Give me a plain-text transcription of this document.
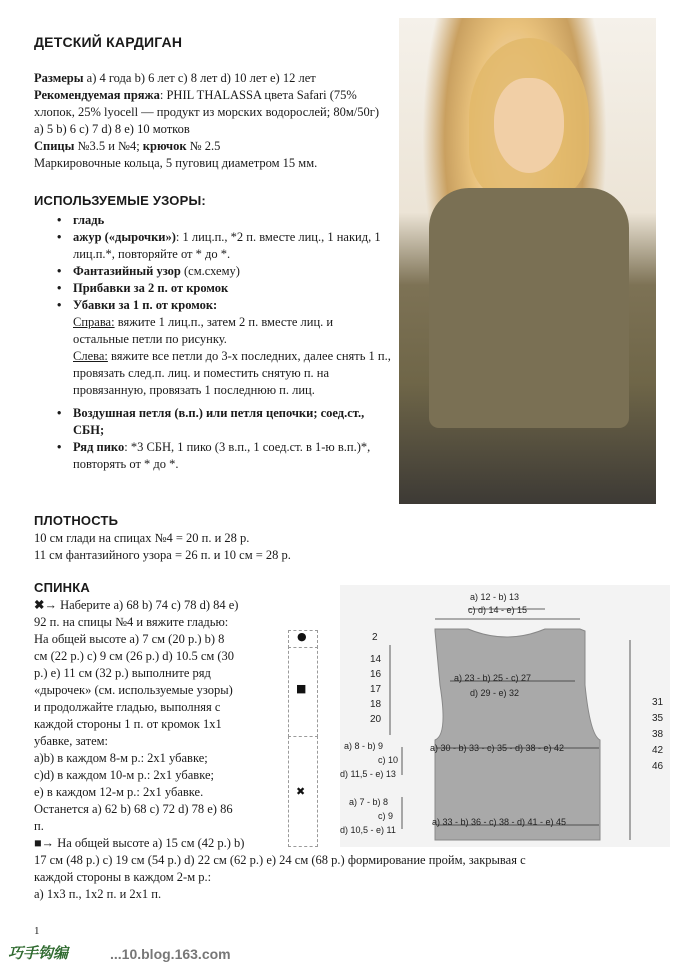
ДЕТСКИЙ КАРДИГАН
Размеры а) 4 года b) 6 лет с) 8 лет d) 10 лет е) 12 лет
Рекомендуемая пряжа: PHIL THALASSA цвета Safari (75% хлопок, 25% lyocell — продукт из морских водорослей; 80м/50г) а) 5 b) 6 с) 7 d) 8 е) 10 мотков
Спицы №3.5 и №4; крючок № 2.5
Маркировочные кольца, 5 пуговиц диаметром 15 мм.
ИСПОЛЬЗУЕМЫЕ УЗОРЫ:
• гладь
• ажур («дырочки»): 1 лиц.п., *2 п. вместе лиц., 1 накид, 1 лиц.п.*, повторяйте от * до *.
• Фантазийный узор (см.схему)
• Прибавки за 2 п. от кромок
• Убавки за 1 п. от кромок:
Справа: вяжите 1 лиц.п., затем 2 п. вместе лиц. и остальные петли по рисунку.
Слева: вяжите все петли до 3-х последних, далее снять 1 п., провязать след.п. лиц. и поместить снятую п. на провязанную, провязать 1 последнюю п. лиц.
• Воздушная петля (в.п.) или петля цепочки; соед.ст., СБН;
• Ряд пико: *3 СБН, 1 пико (3 в.п., 1 соед.ст. в 1-ю в.п.)*, повторять от * до *.
ПЛОТНОСТЬ
10 см глади на спицах №4 = 20 п. и 28 р.
11 см фантазийного узора = 26 п. и 10 см = 28 р.
СПИНКА
✖→ Наберите а) 68 b) 74 с) 78 d) 84 е)
92 п. на спицы №4 и вяжите гладью:
На общей высоте а) 7 см (20 р.) b) 8
см (22 р.) с) 9 см (26 р.) d) 10.5 см (30
р.) е) 11 см (32 р.) выполните ряд
«дырочек» (см. используемые узоры)
и продолжайте гладью, выполняя с
каждой стороны 1 п. от кромок 1х1
убавке, затем:
а)b) в каждом 8-м р.: 2х1 убавке;
с)d) в каждом 10-м р.: 2х1 убавке;
е) в каждом 12-м р.: 2х1 убавке.
Останется а) 62 b) 68 с) 72 d) 78 е) 86
п.
■→ На общей высоте а) 15 см (42 р.) b)
17 см (48 р.) с) 19 см (54 р.) d) 22 см (62 р.) е) 24 см (68 р.) формирование пройм, закрывая с
каждой стороны в каждом 2-м р.:
а) 1х3 п., 1х2 п. и 2х1 п.
●
■
✖
а) 12 - b) 13
с) d) 14 - е) 15
2
14
16
17
18
20
а) 23 - b) 25 - с) 27
d) 29 - е) 32
а) 30 - b) 33 - с) 35 - d) 38 - е) 42
а) 8 - b) 9
с) 10
d) 11,5 - е) 13
а) 7 - b) 8
с) 9
d) 10,5 - е) 11
а) 33 - b) 36 - с) 38 - d) 41 - е) 45
31
35
38
42
46
1
巧手钩编	...10.blog.163.com
